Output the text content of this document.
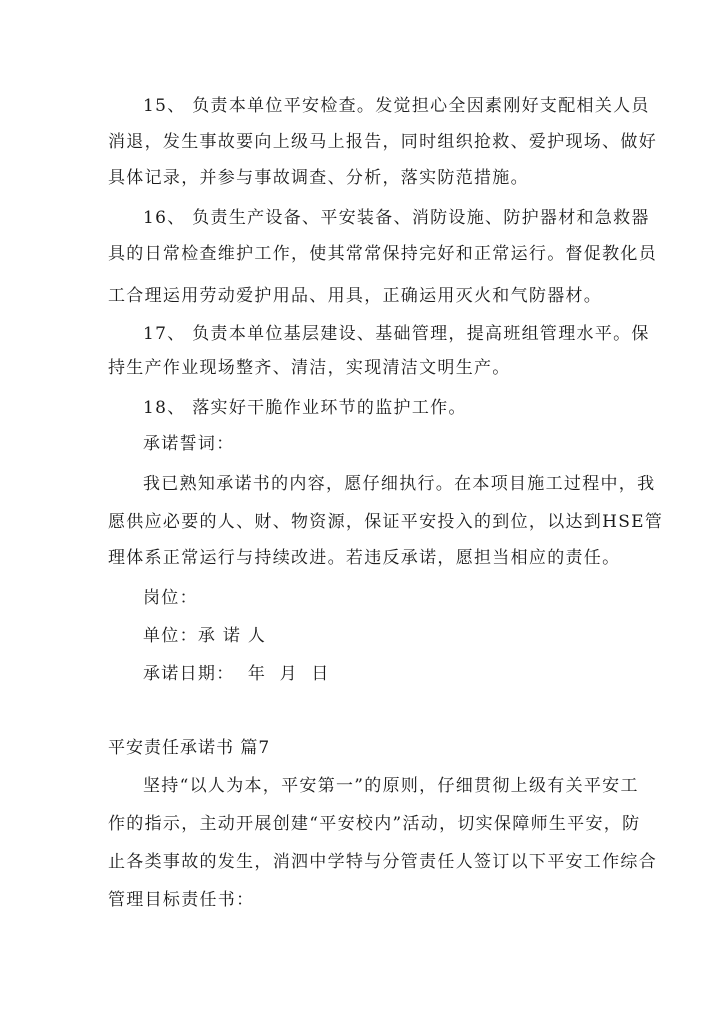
15、 负责本单位平安检查。发觉担心全因素刚好支配相关人员
消退，发生事故要向上级马上报告，同时组织抢救、爱护现场、做好
具体记录，并参与事故调查、分析，落实防范措施。
16、 负责生产设备、平安装备、消防设施、防护器材和急救器
具的日常检查维护工作，使其常常保持完好和正常运行。督促教化员
工合理运用劳动爱护用品、用具，正确运用灭火和气防器材。
17、 负责本单位基层建设、基础管理，提高班组管理水平。保
持生产作业现场整齐、清洁，实现清洁文明生产。
18、 落实好干脆作业环节的监护工作。
承诺誓词：
我已熟知承诺书的内容，愿仔细执行。在本项目施工过程中，我
愿供应必要的人、财、物资源，保证平安投入的到位，以达到HSE管
理体系正常运行与持续改进。若违反承诺，愿担当相应的责任。
岗位：
单位：承 诺 人
承诺日期：  年  月  日
平安责任承诺书 篇7
坚持“以人为本，平安第一”的原则，仔细贯彻上级有关平安工
作的指示，主动开展创建“平安校内”活动，切实保障师生平安，防
止各类事故的发生，消泗中学特与分管责任人签订以下平安工作综合
管理目标责任书：
